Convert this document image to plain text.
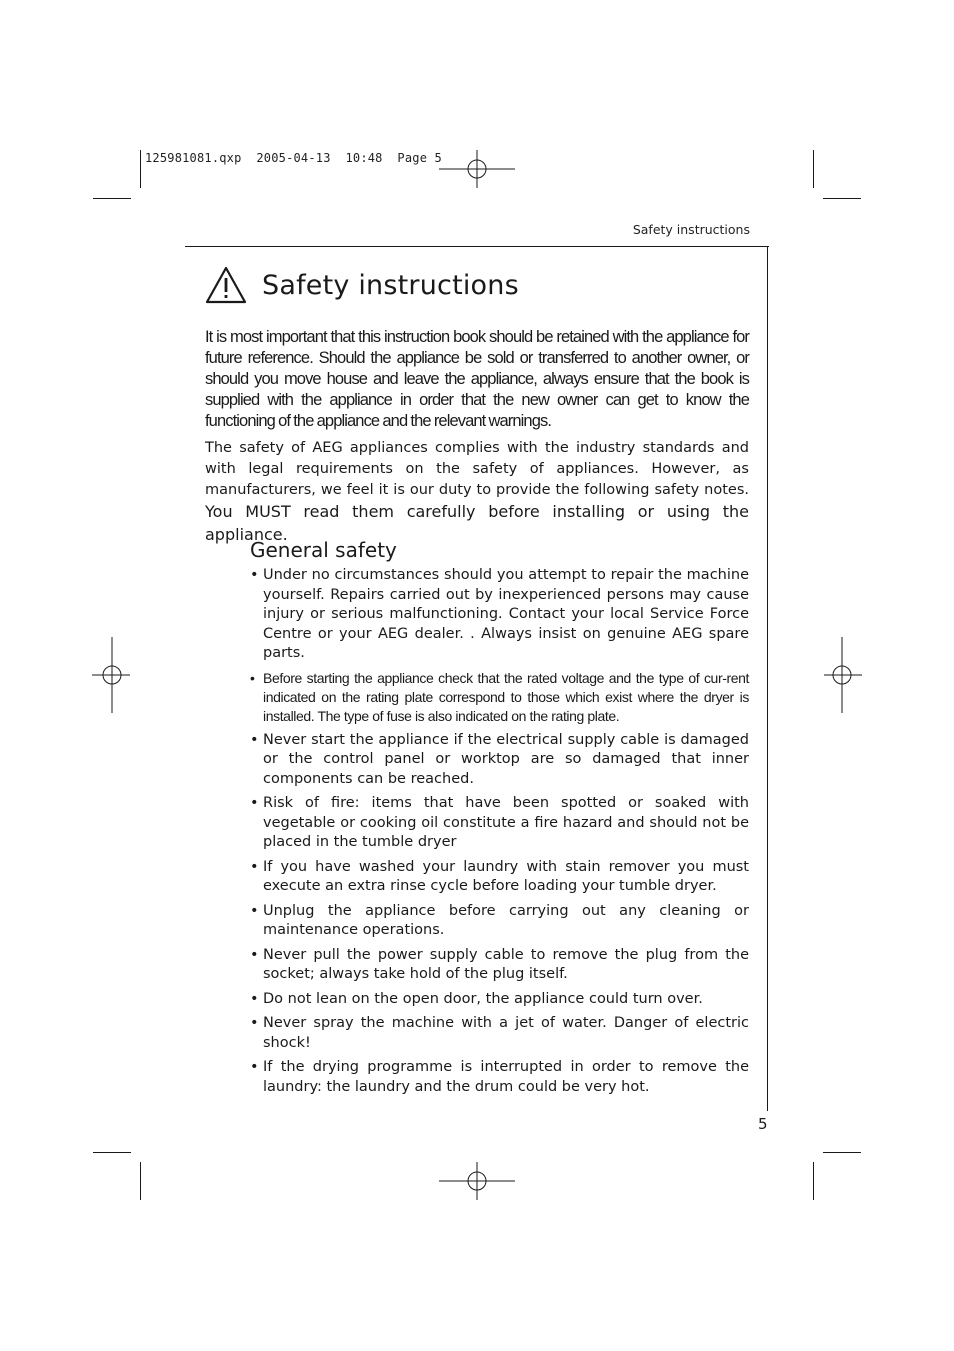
125981081.qxp  2005-04-13  10:48  Page 5
Safety instructions
Safety instructions

It is most important that this instruction book should be retained with the appliance for future reference. Should the appliance be sold or transferred to another owner, or should you move house and leave the appliance, always ensure that the book is supplied with the appliance in order that the new owner can get to know the functioning of the appliance and the relevant warnings.

The safety of AEG appliances complies with the industry standards and with legal requirements on the safety of appliances. However, as manufacturers, we feel it is our duty to provide the following safety notes. You MUST read them carefully before installing or using the appliance.

General safety
• Under no circumstances should you attempt to repair the machine yourself. Repairs carried out by inexperienced persons may cause injury or serious malfunctioning. Contact your local Service Force Centre or your AEG dealer. . Always insist on genuine AEG spare parts.
• Before starting the appliance check that the rated voltage and the type of cur-rent indicated on the rating plate correspond to those which exist where the dryer is installed. The type of fuse is also indicated on the rating plate.
• Never start the appliance if the electrical supply cable is damaged or the control panel or worktop are so damaged that inner components can be reached.
• Risk of fire: items that have been spotted or soaked with vegetable or cooking oil constitute a fire hazard and should not be placed in the tumble dryer
• If you have washed your laundry with stain remover you must execute an extra rinse cycle before loading your tumble dryer.
• Unplug the appliance before carrying out any cleaning or maintenance operations.
• Never pull the power supply cable to remove the plug from the socket; always take hold of the plug itself.
• Do not lean on the open door, the appliance could turn over.
• Never spray the machine with a jet of water. Danger of electric shock!
• If the drying programme is interrupted in order to remove the laundry: the laundry and the drum could be very hot.
5
